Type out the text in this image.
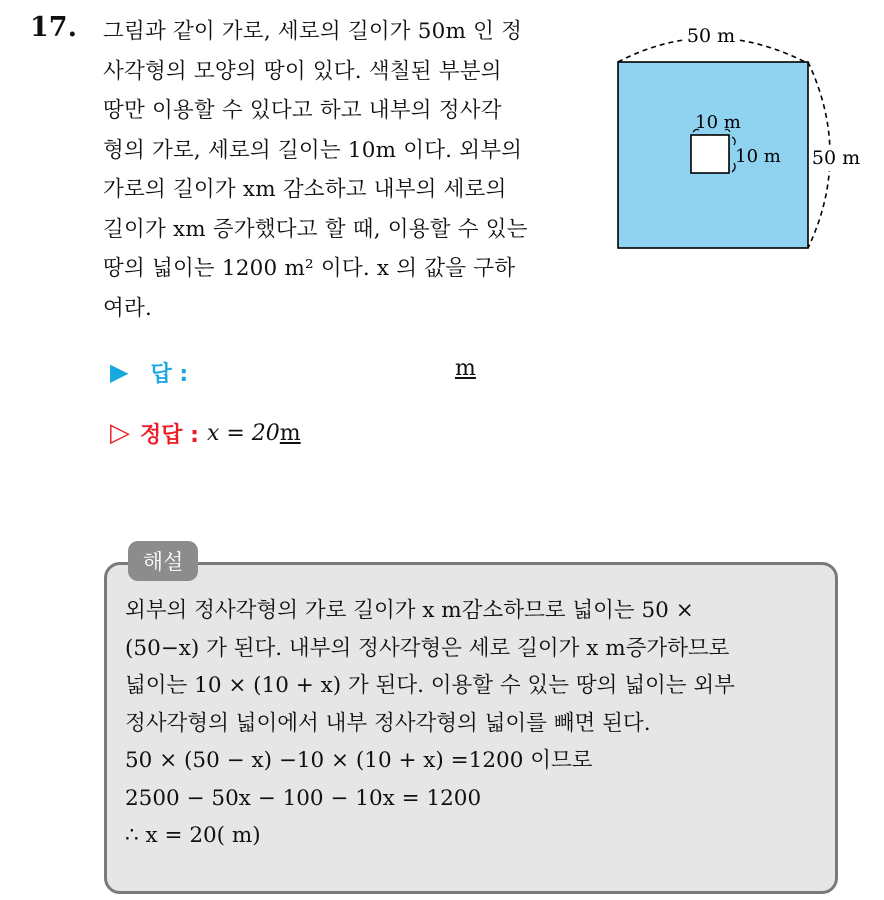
17. 그림과 같이 가로, 세로의 길이가 50m 인 정
사각형의 모양의 땅이 있다. 색칠된 부분의
땅만 이용할 수 있다고 하고 내부의 정사각
형의 가로, 세로의 길이는 10m 이다. 외부의
가로의 길이가 xm 감소하고 내부의 세로의
길이가 xm 증가했다고 할 때, 이용할 수 있는
땅의 넓이는 1200 m² 이다. x 의 값을 구하
여라.
50 m
50 m
10 m
10 m
▶ 답 :	m
▷ 정답 : x = 20 m
해설
외부의 정사각형의 가로 길이가 x m감소하므로 넓이는 50 ×
(50−x) 가 된다. 내부의 정사각형은 세로 길이가 x m증가하므로
넓이는 10 × (10 + x) 가 된다. 이용할 수 있는 땅의 넓이는 외부
정사각형의 넓이에서 내부 정사각형의 넓이를 빼면 된다.
50 × (50 − x) −10 × (10 + x) =1200 이므로
2500 − 50x − 100 − 10x = 1200
∴ x = 20( m)
